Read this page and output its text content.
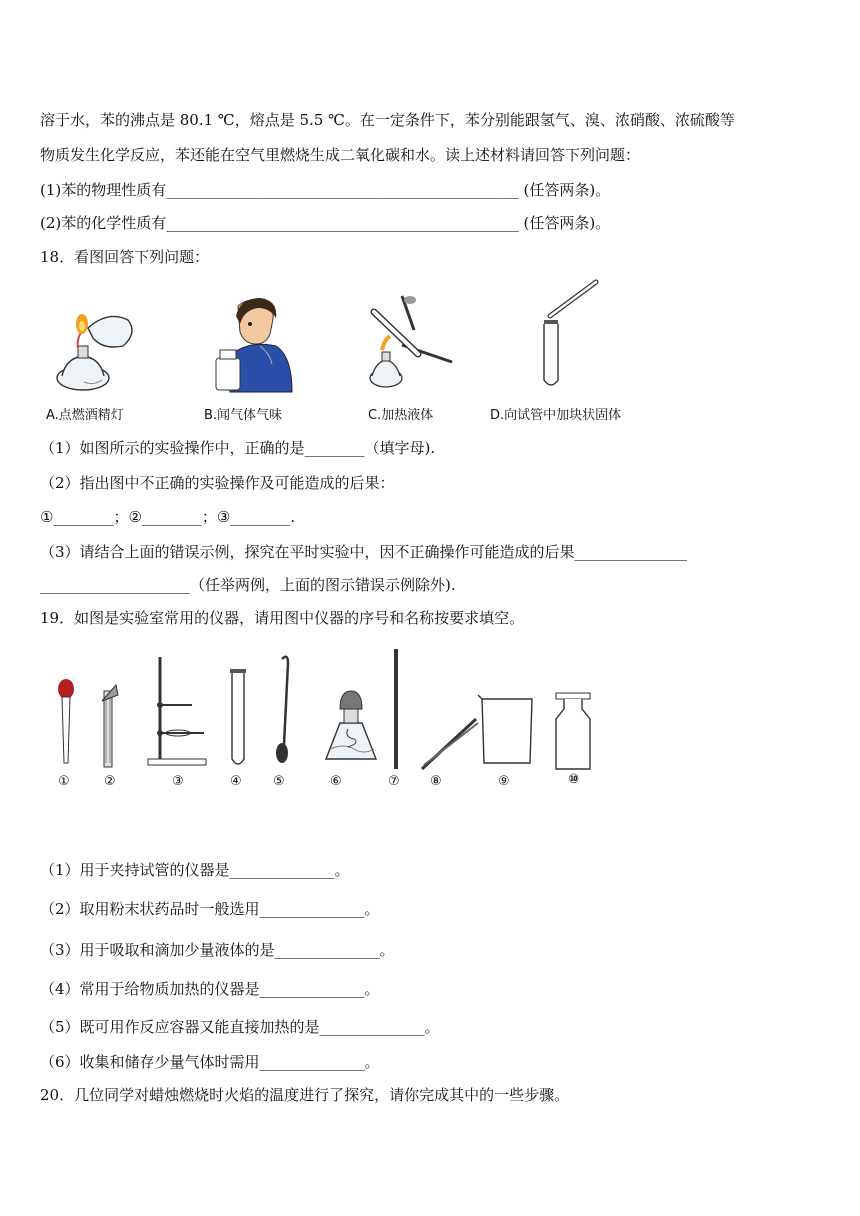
溶于水，苯的沸点是 80.1 ℃，熔点是 5.5 ℃。在一定条件下，苯分别能跟氢气、溴、浓硝酸、浓硫酸等
物质发生化学反应，苯还能在空气里燃烧生成二氧化碳和水。读上述材料请回答下列问题：
(1)苯的物理性质有_______________________________________________ (任答两条)。
(2)苯的化学性质有_______________________________________________ (任答两条)。
18．看图回答下列问题：
A.点燃酒精灯	B.闻气体气味	C.加热液体	D.向试管中加块状固体
（1）如图所示的实验操作中，正确的是________（填字母).
（2）指出图中不正确的实验操作及可能造成的后果：
①________；②________；③________.
（3）请结合上面的错误示例，探究在平时实验中，因不正确操作可能造成的后果_______________
____________________（任举两例，上面的图示错误示例除外).
19．如图是实验室常用的仪器，请用图中仪器的序号和名称按要求填空。
①	②	③	④ ⑤	⑥	⑦ ⑧	⑨	⑩
（1）用于夹持试管的仪器是______________。
（2）取用粉末状药品时一般选用______________。
（3）用于吸取和滴加少量液体的是______________。
（4）常用于给物质加热的仪器是______________。
（5）既可用作反应容器又能直接加热的是______________。
（6）收集和储存少量气体时需用______________。
20．几位同学对蜡烛燃烧时火焰的温度进行了探究，请你完成其中的一些步骤。
